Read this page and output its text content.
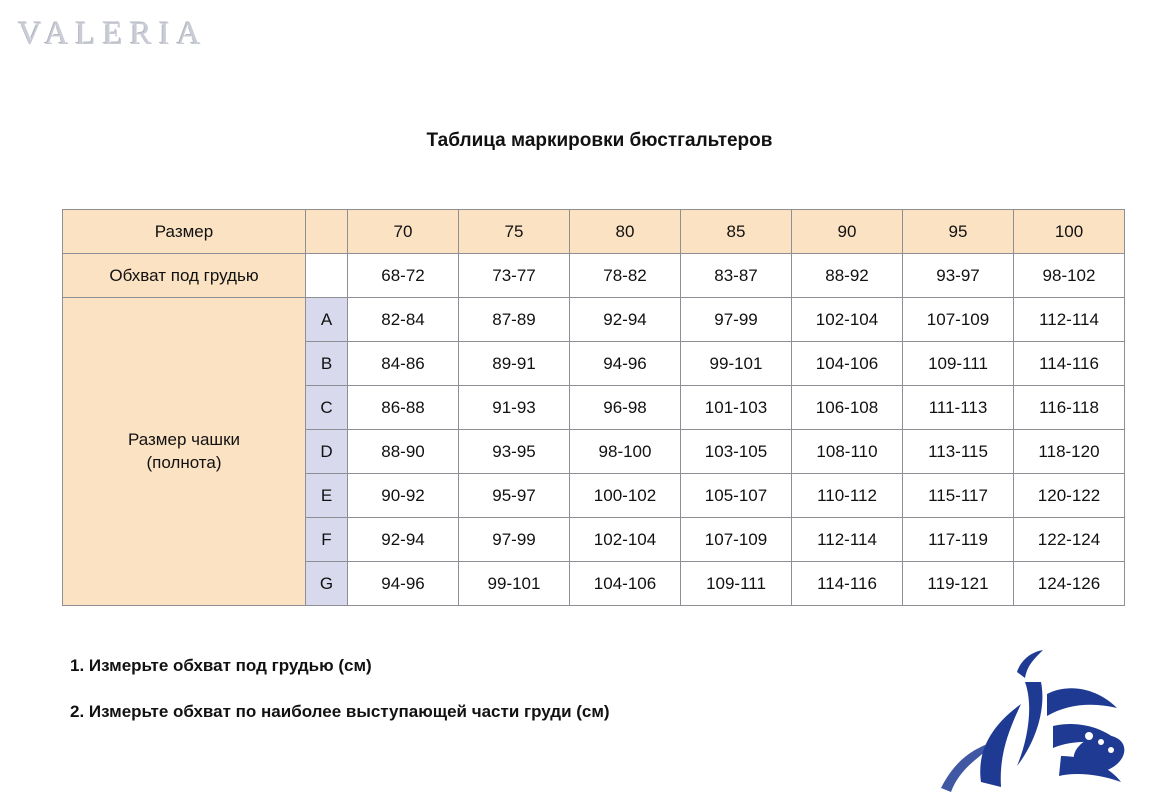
VALERIA
Таблица маркировки бюстгальтеров
Размер		70	75	80	85	90	95	100
Обхват под грудью		68-72	73-77	78-82	83-87	88-92	93-97	98-102
Размер чашки
(полнота)	A	82-84	87-89	92-94	97-99	102-104	107-109	112-114
	B	84-86	89-91	94-96	99-101	104-106	109-111	114-116
	C	86-88	91-93	96-98	101-103	106-108	111-113	116-118
	D	88-90	93-95	98-100	103-105	108-110	113-115	118-120
	E	90-92	95-97	100-102	105-107	110-112	115-117	120-122
	F	92-94	97-99	102-104	107-109	112-114	117-119	122-124
	G	94-96	99-101	104-106	109-111	114-116	119-121	124-126

1. Измерьте обхват под грудью (см)

2. Измерьте обхват по наиболее выступающей части груди (см)
